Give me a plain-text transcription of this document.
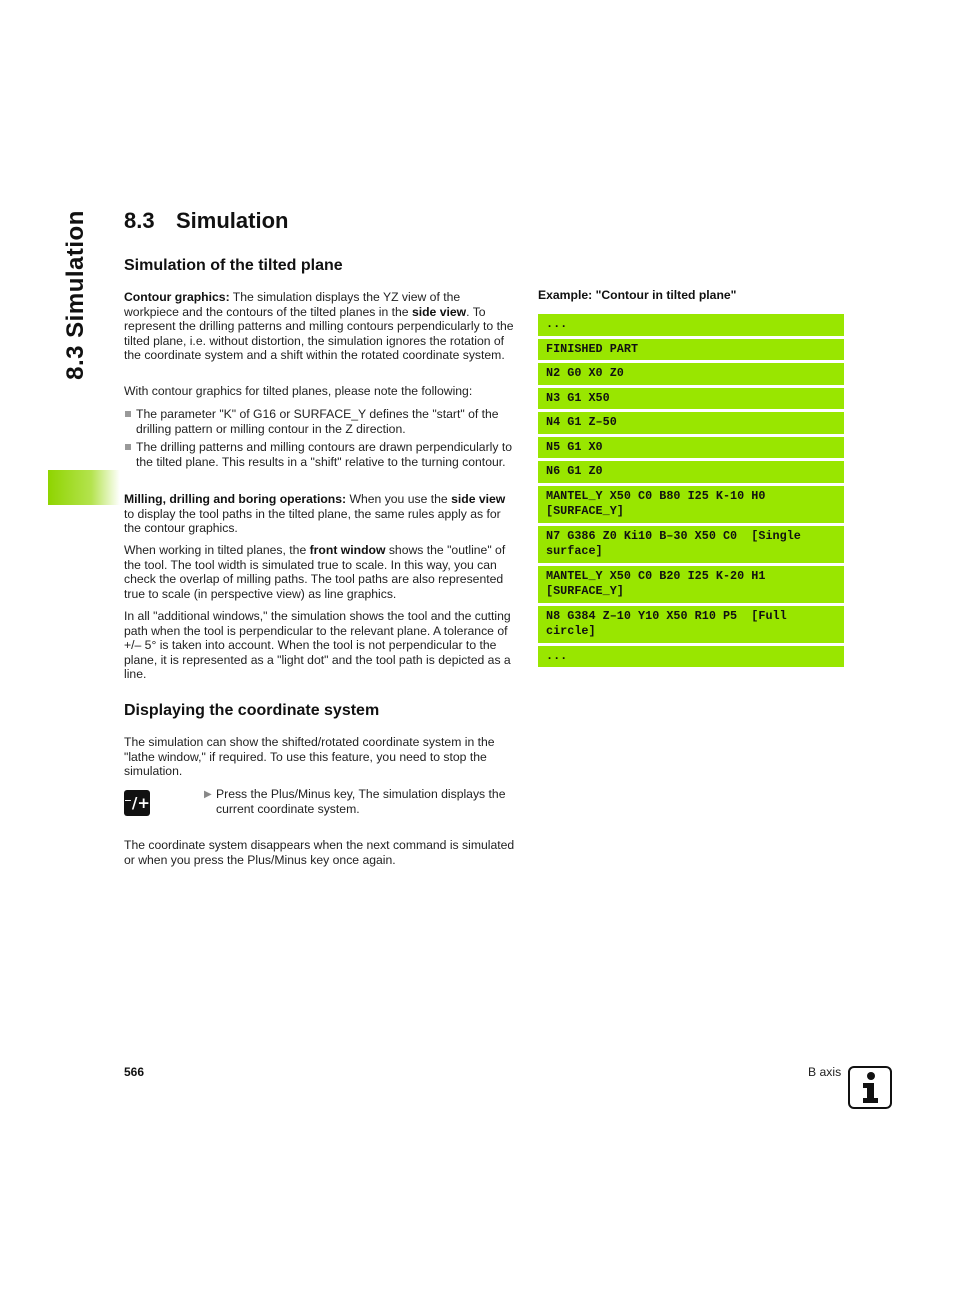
8.3 Simulation 8.3 Simulation
Simulation of the tilted plane
Contour graphics: The simulation displays the YZ view of the workpiece and the contours of the tilted planes in the side view. To represent the drilling patterns and milling contours perpendicularly to the tilted plane, i.e. without distortion, the simulation ignores the rotation of the coordinate system and a shift within the rotated coordinate system.
With contour graphics for tilted planes, please note the following:
The parameter "K" of G16 or SURFACE_Y defines the "start" of the drilling pattern or milling contour in the Z direction.
The drilling patterns and milling contours are drawn perpendicularly to the tilted plane. This results in a "shift" relative to the turning contour.
Milling, drilling and boring operations: When you use the side view to display the tool paths in the tilted plane, the same rules apply as for the contour graphics.
When working in tilted planes, the front window shows the "outline" of the tool. The tool width is simulated true to scale. In this way, you can check the overlap of milling paths. The tool paths are also represented true to scale (in perspective view) as line graphics.
In all "additional windows," the simulation shows the tool and the cutting path when the tool is perpendicular to the relevant plane. A tolerance of +/– 5° is taken into account. When the tool is not perpendicular to the plane, it is represented as a "light dot" and the tool path is depicted as a line.
Displaying the coordinate system
The simulation can show the shifted/rotated coordinate system in the "lathe window," if required. To use this feature, you need to stop the simulation.
⁻/+	▶ Press the Plus/Minus key, The simulation displays the current coordinate system.
The coordinate system disappears when the next command is simulated or when you press the Plus/Minus key once again.
Example: "Contour in tilted plane"
...
FINISHED PART
N2 G0 X0 Z0
N3 G1 X50
N4 G1 Z–50
N5 G1 X0
N6 G1 Z0
MANTEL_Y X50 C0 B80 I25 K-10 H0 [SURFACE_Y]
N7 G386 Z0 Ki10 B–30 X50 C0  [Single surface]
MANTEL_Y X50 C0 B20 I25 K-20 H1 [SURFACE_Y]
N8 G384 Z–10 Y10 X50 R10 P5  [Full circle]
...
566	B axis
